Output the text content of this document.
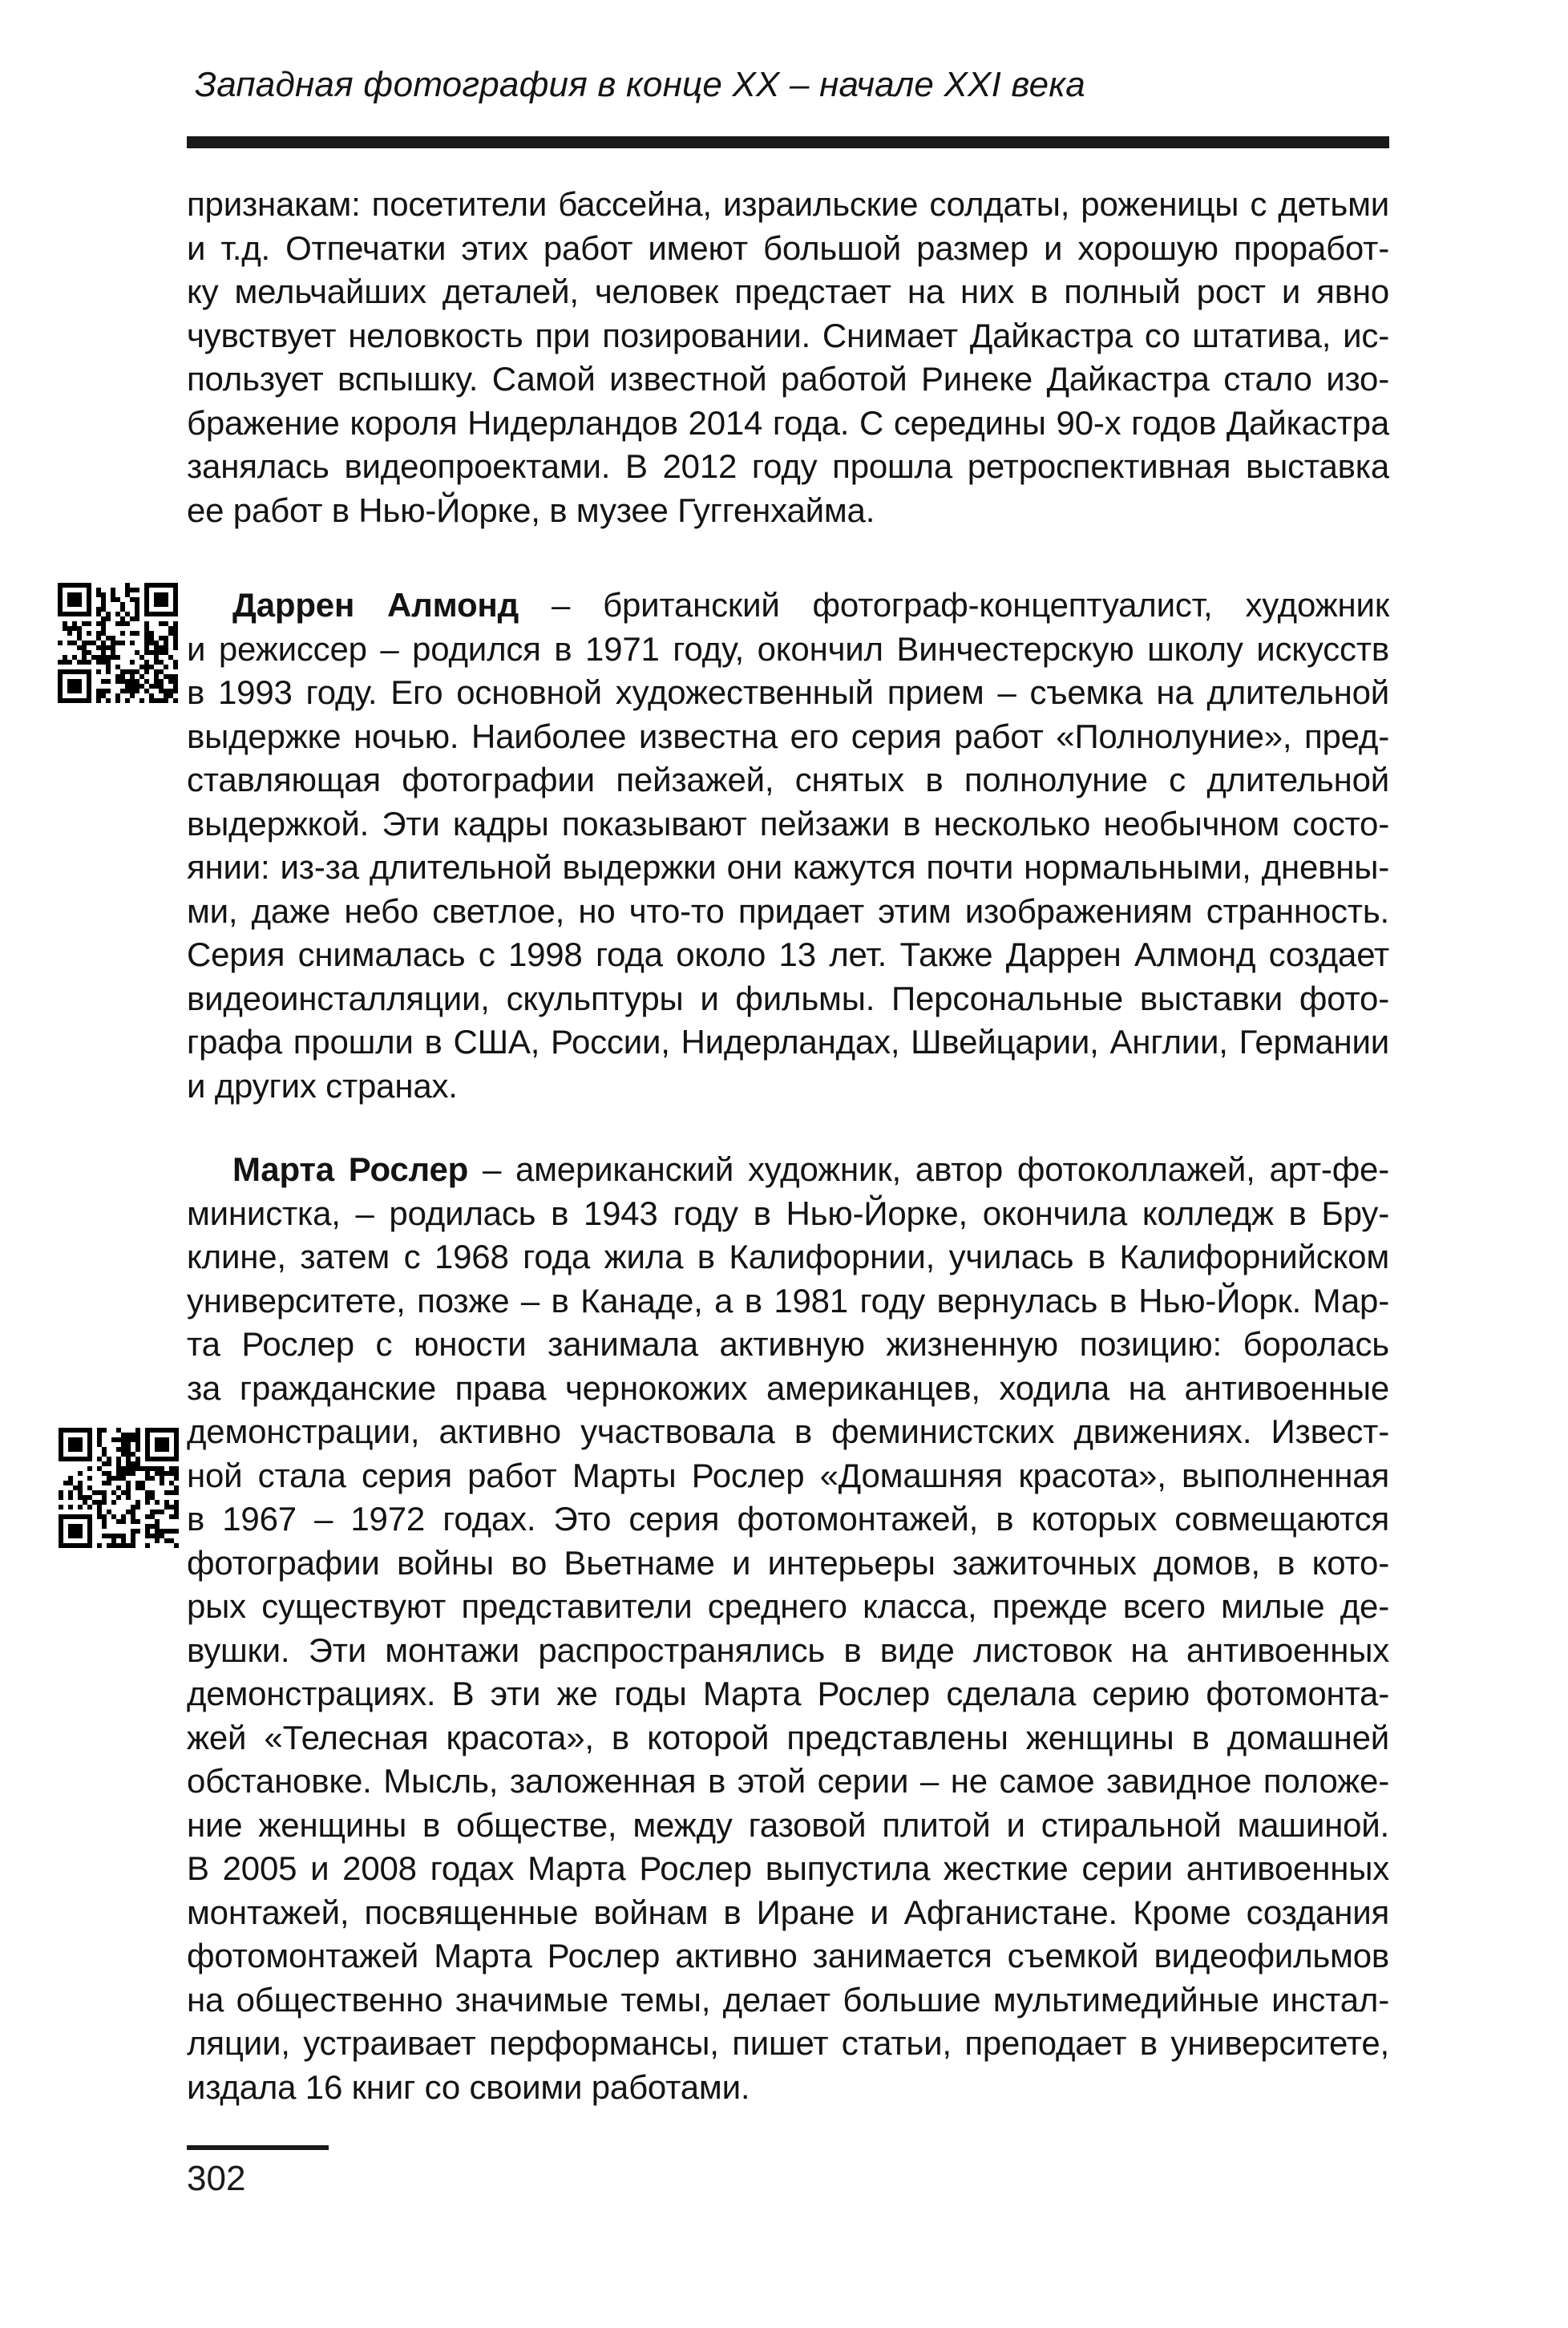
Западная фотография в конце XX – начале XXI века
признакам: посетители бассейна, израильские солдаты, роженицы с детьми
и т.д. Отпечатки этих работ имеют большой размер и хорошую проработ-
ку мельчайших деталей, человек предстает на них в полный рост и явно
чувствует неловкость при позировании. Снимает Дайкастра со штатива, ис-
пользует вспышку. Самой известной работой Ринеке Дайкастра стало изо-
бражение короля Нидерландов 2014 года. С середины 90-х годов Дайкастра
занялась видеопроектами. В 2012 году прошла ретроспективная выставка
ее работ в Нью-Йорке, в музее Гуггенхайма.
Даррен Алмонд – британский фотограф-концептуалист, художник
и режиссер – родился в 1971 году, окончил Винчестерскую школу искусств
в 1993 году. Его основной художественный прием – съемка на длительной
выдержке ночью. Наиболее известна его серия работ «Полнолуние», пред-
ставляющая фотографии пейзажей, снятых в полнолуние с длительной
выдержкой. Эти кадры показывают пейзажи в несколько необычном состо-
янии: из-за длительной выдержки они кажутся почти нормальными, дневны-
ми, даже небо светлое, но что-то придает этим изображениям странность.
Серия снималась с 1998 года около 13 лет. Также Даррен Алмонд создает
видеоинсталляции, скульптуры и фильмы. Персональные выставки фото-
графа прошли в США, России, Нидерландах, Швейцарии, Англии, Германии
и других странах.
Марта Рослер – американский художник, автор фотоколлажей, арт-фе-
министка, – родилась в 1943 году в Нью-Йорке, окончила колледж в Бру-
клине, затем с 1968 года жила в Калифорнии, училась в Калифорнийском
университете, позже – в Канаде, а в 1981 году вернулась в Нью-Йорк. Мар-
та Рослер с юности занимала активную жизненную позицию: боролась
за гражданские права чернокожих американцев, ходила на антивоенные
демонстрации, активно участвовала в феминистских движениях. Извест-
ной стала серия работ Марты Рослер «Домашняя красота», выполненная
в 1967 – 1972 годах. Это серия фотомонтажей, в которых совмещаются
фотографии войны во Вьетнаме и интерьеры зажиточных домов, в кото-
рых существуют представители среднего класса, прежде всего милые де-
вушки. Эти монтажи распространялись в виде листовок на антивоенных
демонстрациях. В эти же годы Марта Рослер сделала серию фотомонта-
жей «Телесная красота», в которой представлены женщины в домашней
обстановке. Мысль, заложенная в этой серии – не самое завидное положе-
ние женщины в обществе, между газовой плитой и стиральной машиной.
В 2005 и 2008 годах Марта Рослер выпустила жесткие серии антивоенных
монтажей, посвященные войнам в Иране и Афганистане. Кроме создания
фотомонтажей Марта Рослер активно занимается съемкой видеофильмов
на общественно значимые темы, делает большие мультимедийные инстал-
ляции, устраивает перформансы, пишет статьи, преподает в университете,
издала 16 книг со своими работами.
302
